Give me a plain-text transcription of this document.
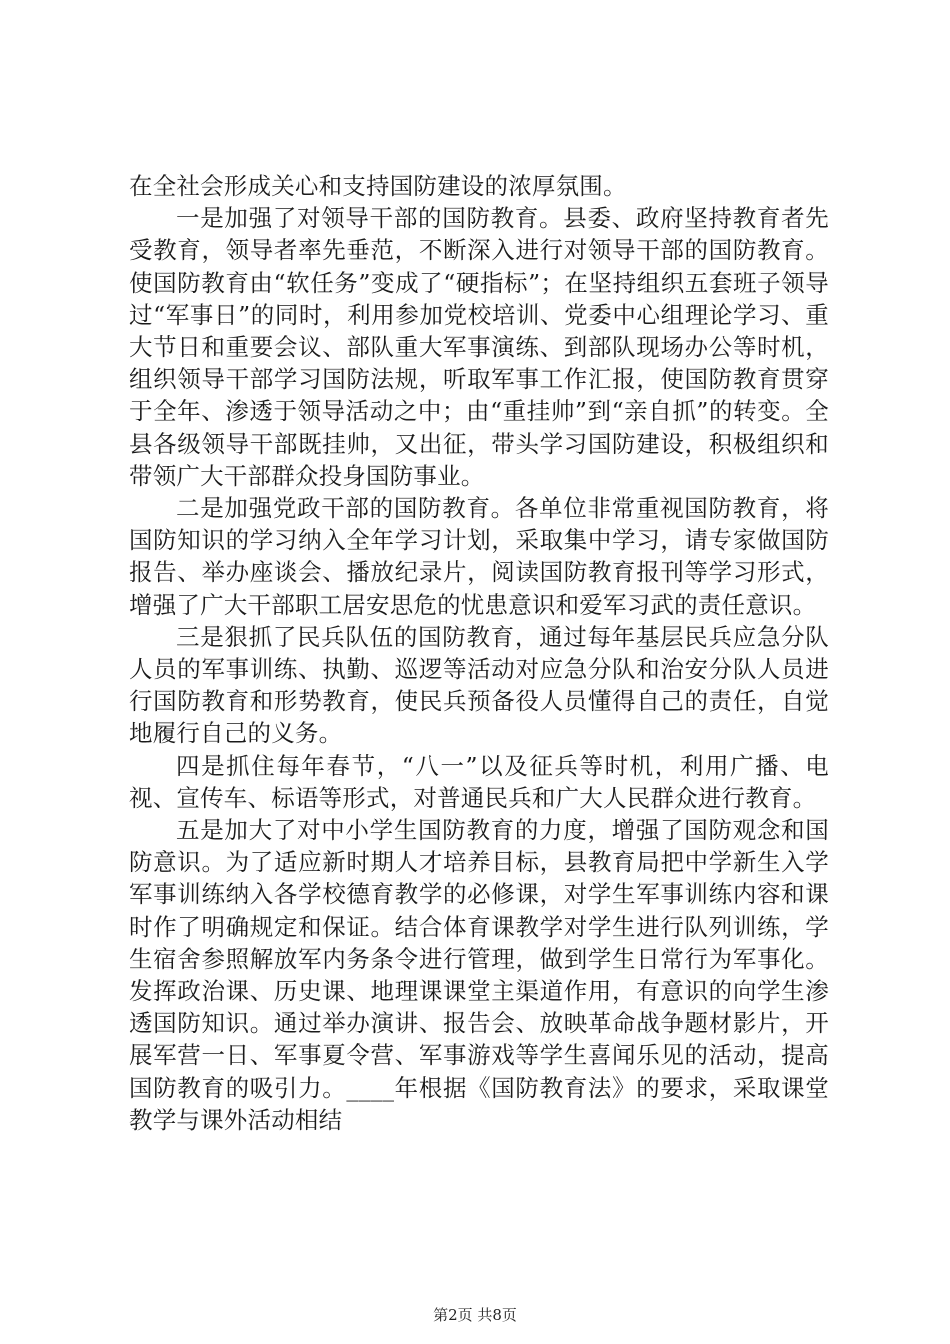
在全社会形成关心和支持国防建设的浓厚氛围。

一是加强了对领导干部的国防教育。县委、政府坚持教育者先受教育，领导者率先垂范，不断深入进行对领导干部的国防教育。使国防教育由“软任务”变成了“硬指标”；在坚持组织五套班子领导过“军事日”的同时，利用参加党校培训、党委中心组理论学习、重大节日和重要会议、部队重大军事演练、到部队现场办公等时机，组织领导干部学习国防法规，听取军事工作汇报，使国防教育贯穿于全年、渗透于领导活动之中；由“重挂帅”到“亲自抓”的转变。全县各级领导干部既挂帅，又出征，带头学习国防建设，积极组织和带领广大干部群众投身国防事业。

二是加强党政干部的国防教育。各单位非常重视国防教育，将国防知识的学习纳入全年学习计划，采取集中学习，请专家做国防报告、举办座谈会、播放纪录片，阅读国防教育报刊等学习形式，增强了广大干部职工居安思危的忧患意识和爱军习武的责任意识。

三是狠抓了民兵队伍的国防教育，通过每年基层民兵应急分队人员的军事训练、执勤、巡逻等活动对应急分队和治安分队人员进行国防教育和形势教育，使民兵预备役人员懂得自己的责任，自觉地履行自己的义务。

四是抓住每年春节，“八一”以及征兵等时机，利用广播、电视、宣传车、标语等形式，对普通民兵和广大人民群众进行教育。

五是加大了对中小学生国防教育的力度，增强了国防观念和国防意识。为了适应新时期人才培养目标，县教育局把中学新生入学军事训练纳入各学校德育教学的必修课，对学生军事训练内容和课时作了明确规定和保证。结合体育课教学对学生进行队列训练，学生宿舍参照解放军内务条令进行管理，做到学生日常行为军事化。发挥政治课、历史课、地理课课堂主渠道作用，有意识的向学生渗透国防知识。通过举办演讲、报告会、放映革命战争题材影片，开展军营一日、军事夏令营、军事游戏等学生喜闻乐见的活动，提高国防教育的吸引力。____年根据《国防教育法》的要求，采取课堂教学与课外活动相结

第2页 共8页
